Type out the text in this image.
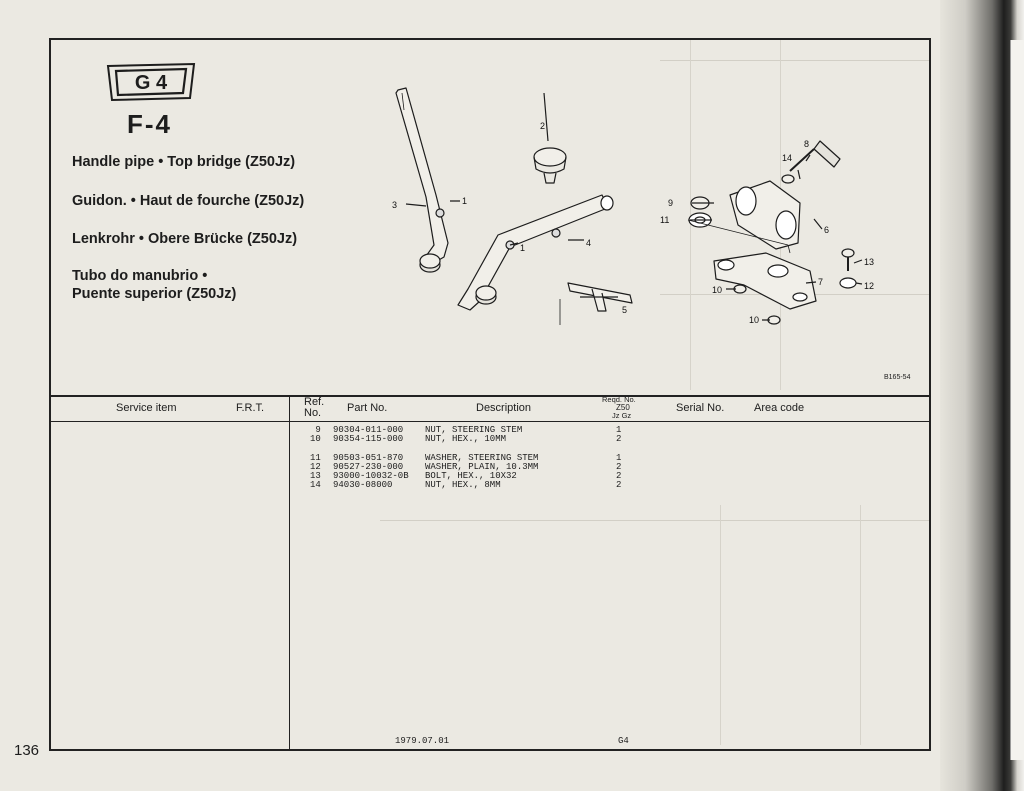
136
G 4
F-4
Handle pipe • Top bridge (Z50Jz)
Guidon. • Haut de fourche (Z50Jz)
Lenkrohr • Obere Brücke (Z50Jz)
Tubo do manubrio •
Puente superior (Z50Jz)
3	1
2
1	4
5
6
7
8
9
10
10
11
12
13
14
B165-54
Service item	F.R.T.	Ref.
No. Part No.	Description
Reqd. No.
Z50
Jz Gz
Serial No.	Area code
9 90304-011-000 NUT, STEERING STEM	1
10 90354-115-000 NUT, HEX., 10MM	2
11 90503-051-870 WASHER, STEERING STEM	1
12 90527-230-000 WASHER, PLAIN, 10.3MM	2
13 93000-10032-0B BOLT, HEX., 10X32	2
14 94030-08000	NUT, HEX., 8MM	2
1979.07.01	G4
